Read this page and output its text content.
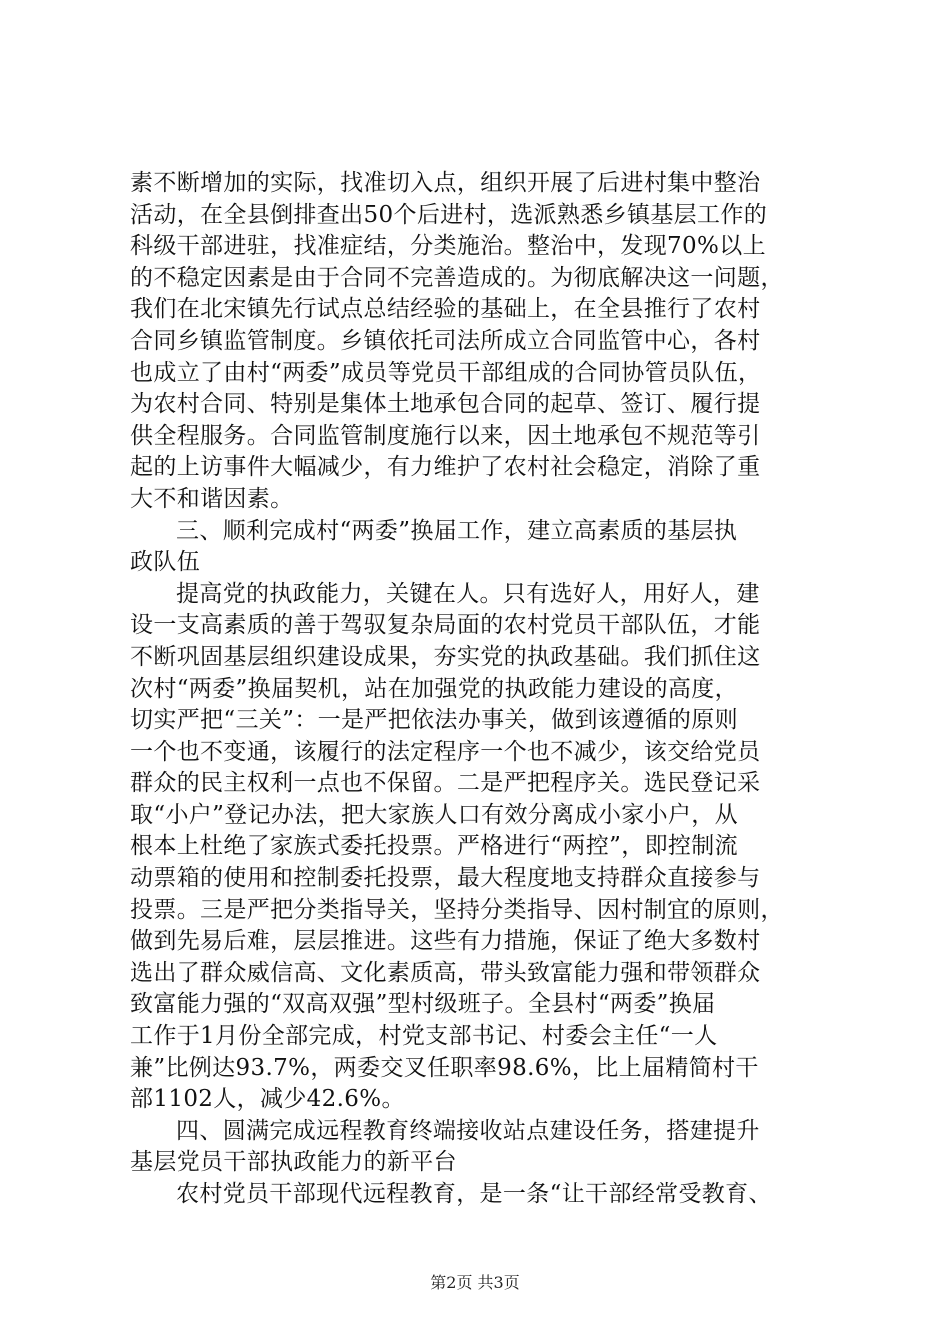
素不断增加的实际，找准切入点，组织开展了后进村集中整治
活动，在全县倒排查出50个后进村，选派熟悉乡镇基层工作的
科级干部进驻，找准症结，分类施治。整治中，发现70%以上
的不稳定因素是由于合同不完善造成的。为彻底解决这一问题，
我们在北宋镇先行试点总结经验的基础上，在全县推行了农村
合同乡镇监管制度。乡镇依托司法所成立合同监管中心，各村
也成立了由村“两委”成员等党员干部组成的合同协管员队伍，
为农村合同、特别是集体土地承包合同的起草、签订、履行提
供全程服务。合同监管制度施行以来，因土地承包不规范等引
起的上访事件大幅减少，有力维护了农村社会稳定，消除了重
大不和谐因素。
三、顺利完成村“两委”换届工作，建立高素质的基层执
政队伍
提高党的执政能力，关键在人。只有选好人，用好人，建
设一支高素质的善于驾驭复杂局面的农村党员干部队伍，才能
不断巩固基层组织建设成果，夯实党的执政基础。我们抓住这
次村“两委”换届契机，站在加强党的执政能力建设的高度，
切实严把“三关”：一是严把依法办事关，做到该遵循的原则
一个也不变通，该履行的法定程序一个也不减少，该交给党员
群众的民主权利一点也不保留。二是严把程序关。选民登记采
取“小户”登记办法，把大家族人口有效分离成小家小户，从
根本上杜绝了家族式委托投票。严格进行“两控”，即控制流
动票箱的使用和控制委托投票，最大程度地支持群众直接参与
投票。三是严把分类指导关，坚持分类指导、因村制宜的原则，
做到先易后难，层层推进。这些有力措施，保证了绝大多数村
选出了群众威信高、文化素质高，带头致富能力强和带领群众
致富能力强的“双高双强”型村级班子。全县村“两委”换届
工作于1月份全部完成，村党支部书记、村委会主任“一人
兼”比例达93.7%，两委交叉任职率98.6%，比上届精简村干
部1102人，减少42.6%。
四、圆满完成远程教育终端接收站点建设任务，搭建提升
基层党员干部执政能力的新平台
农村党员干部现代远程教育，是一条“让干部经常受教育、
第2页 共3页
